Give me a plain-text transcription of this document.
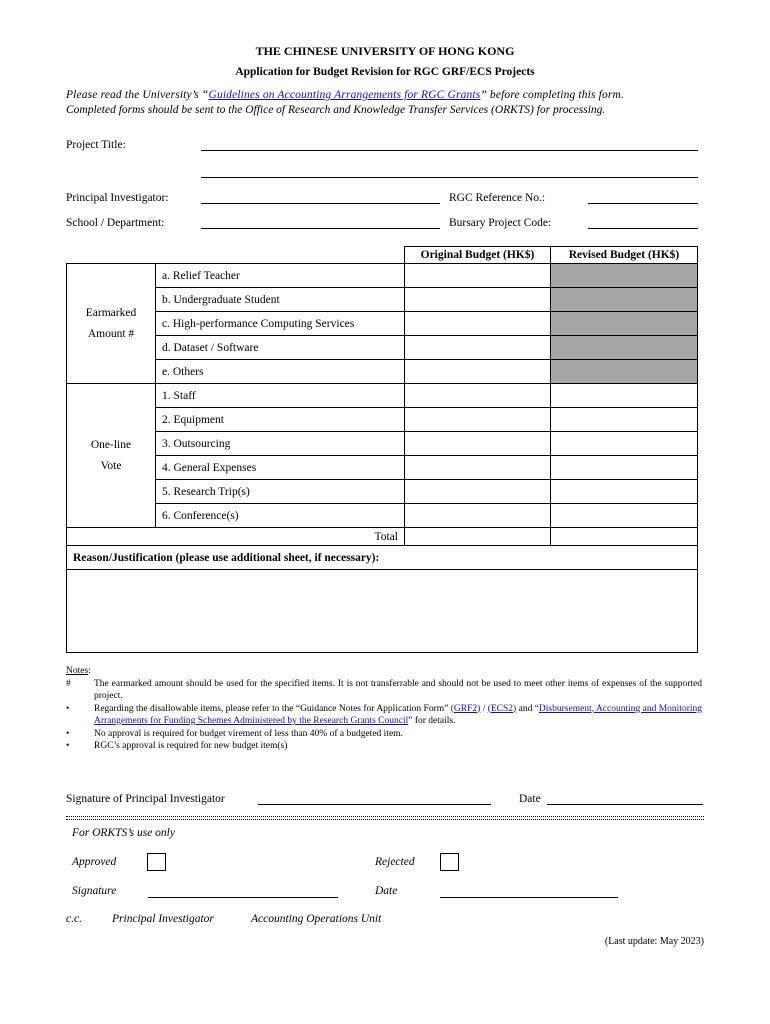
THE CHINESE UNIVERSITY OF HONG KONG
Application for Budget Revision for RGC GRF/ECS Projects
Please read the University’s “Guidelines on Accounting Arrangements for RGC Grants” before completing this form.
Completed forms should be sent to the Office of Research and Knowledge Transfer Services (ORKTS) for processing.
Project Title:
Principal Investigator:	RGC Reference No.:
School / Department:	Bursary Project Code:
		Original Budget (HK$)	Revised Budget (HK$)

Earmarked
Amount #	a. Relief Teacher		
	b. Undergraduate Student		
	c. High-performance Computing Services		
	d. Dataset / Software		
	e. Others		

One-line
Vote	1. Staff		
	2. Equipment		
	3. Outsourcing		
	4. General Expenses		
	5. Research Trip(s)		
	6. Conference(s)		
Total			
Reason/Justification (please use additional sheet, if necessary):			

Notes:
# The earmarked amount should be used for the specified items. It is not transferrable and should not be used to meet other items of expenses of the supported project.
•	Regarding the disallowable items, please refer to the “Guidance Notes for Application Form” (GRF2) / (ECS2) and “Disbursement, Accounting and Monitoring Arrangements for Funding Schemes Administered by the Research Grants Council” for details.
•	No approval is required for budget virement of less than 40% of a budgeted item.
•	RGC’s approval is required for new budget item(s)
Signature of Principal Investigator	Date
For ORKTS’s use only
Approved	Rejected
Signature	Date
c.c.	Principal Investigator	Accounting Operations Unit
(Last update: May 2023)
